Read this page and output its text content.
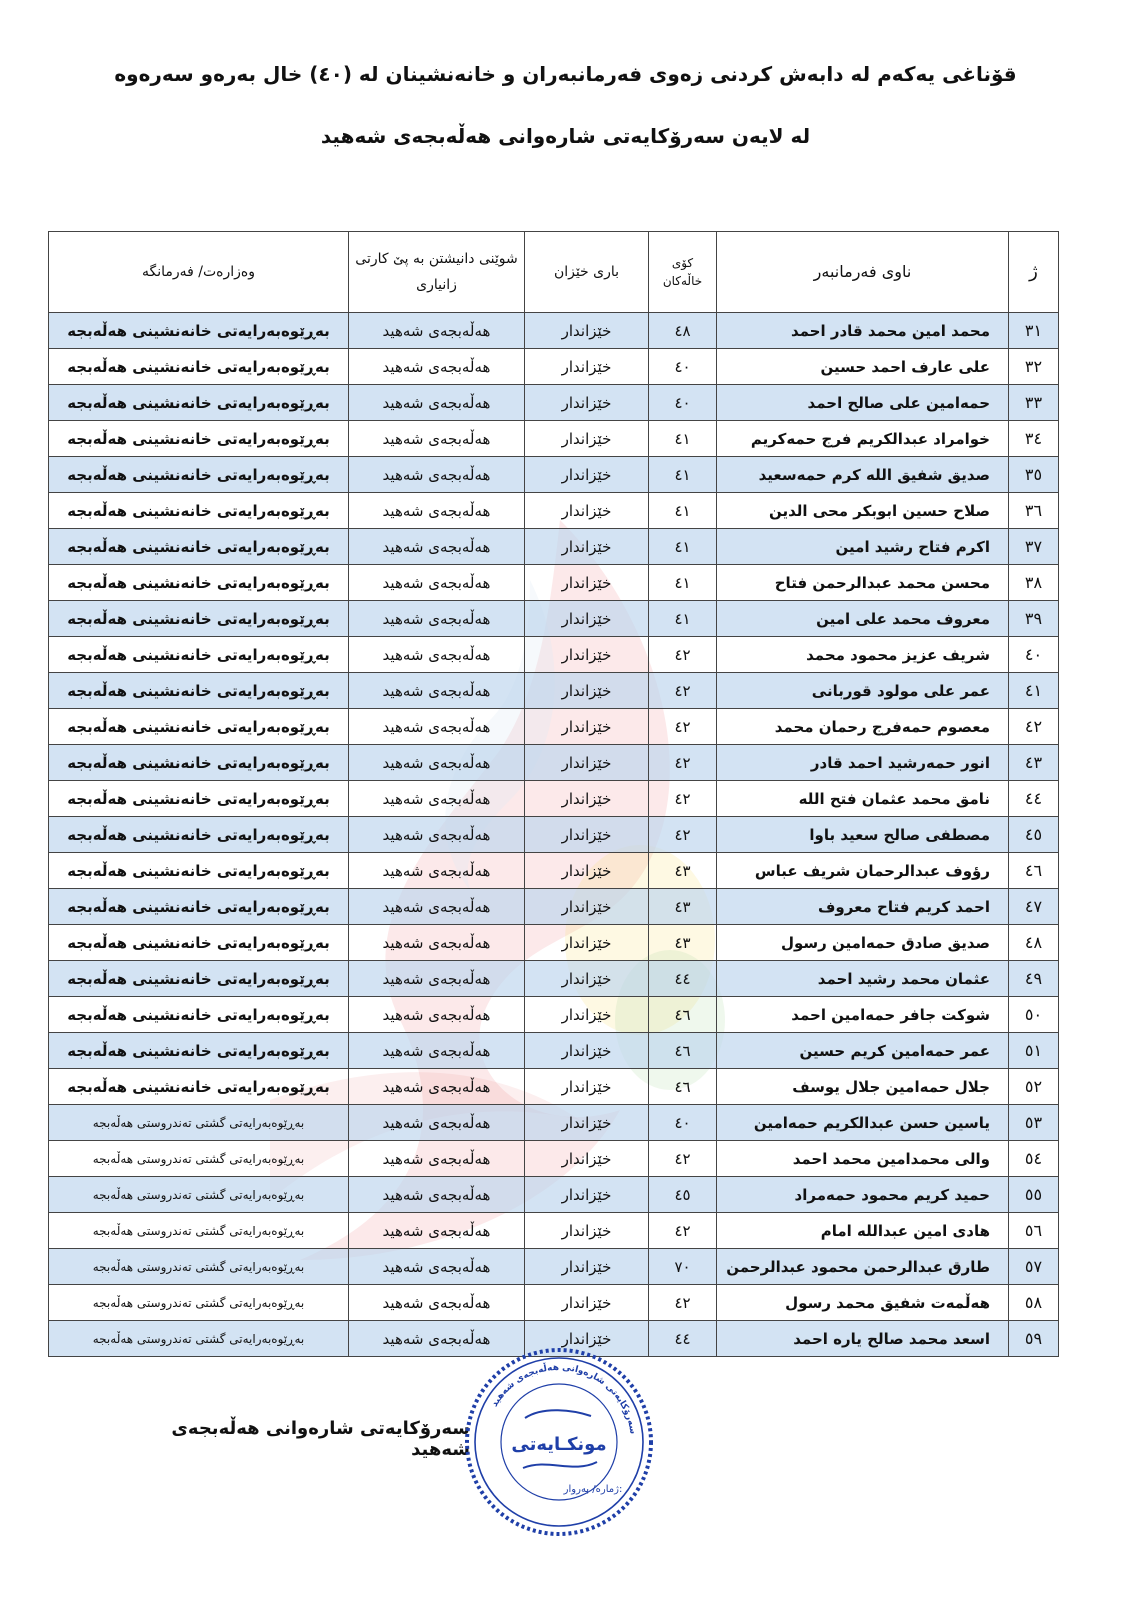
قۆناغی یەکەم لە دابەش کردنی زەوی فەرمانبەران و خانەنشینان لە (٤٠) خال بەرەو سەرەوە

لە لایەن سەرۆکایەتی شارەوانی هەڵەبجەی شەهید

ژ	ناوی فەرمانبەر	کۆی خاڵەکان	باری خێزان	شوێنی دانیشتن بە پێ کارتی زانیاری	وەزارەت/ فەرمانگە
٣١	محمد امین محمد قادر احمد	٤٨	خێزاندار	هەڵەبجەی شەهید	بەڕێوەبەرایەتی خانەنشینی هەڵەبجە
٣٢	علی عارف احمد حسین	٤٠	خێزاندار	هەڵەبجەی شەهید	بەڕێوەبەرایەتی خانەنشینی هەڵەبجە
٣٣	حمەامین علی صالح احمد	٤٠	خێزاندار	هەڵەبجەی شەهید	بەڕێوەبەرایەتی خانەنشینی هەڵەبجە
٣٤	خوامراد عبدالکریم فرج حمەکریم	٤١	خێزاندار	هەڵەبجەی شەهید	بەڕێوەبەرایەتی خانەنشینی هەڵەبجە
٣٥	صدیق شفیق الله کرم حمەسعید	٤١	خێزاندار	هەڵەبجەی شەهید	بەڕێوەبەرایەتی خانەنشینی هەڵەبجە
٣٦	صلاح حسین ابوبکر محی الدین	٤١	خێزاندار	هەڵەبجەی شەهید	بەڕێوەبەرایەتی خانەنشینی هەڵەبجە
٣٧	اکرم فتاح رشید امین	٤١	خێزاندار	هەڵەبجەی شەهید	بەڕێوەبەرایەتی خانەنشینی هەڵەبجە
٣٨	محسن محمد عبدالرحمن فتاح	٤١	خێزاندار	هەڵەبجەی شەهید	بەڕێوەبەرایەتی خانەنشینی هەڵەبجە
٣٩	معروف محمد علی امین	٤١	خێزاندار	هەڵەبجەی شەهید	بەڕێوەبەرایەتی خانەنشینی هەڵەبجە
٤٠	شریف عزیز محمود محمد	٤٢	خێزاندار	هەڵەبجەی شەهید	بەڕێوەبەرایەتی خانەنشینی هەڵەبجە
٤١	عمر علی مولود قوربانی	٤٢	خێزاندار	هەڵەبجەی شەهید	بەڕێوەبەرایەتی خانەنشینی هەڵەبجە
٤٢	معصوم حمەفرج رحمان محمد	٤٢	خێزاندار	هەڵەبجەی شەهید	بەڕێوەبەرایەتی خانەنشینی هەڵەبجە
٤٣	انور حمەرشید احمد قادر	٤٢	خێزاندار	هەڵەبجەی شەهید	بەڕێوەبەرایەتی خانەنشینی هەڵەبجە
٤٤	نامق محمد عثمان فتح الله	٤٢	خێزاندار	هەڵەبجەی شەهید	بەڕێوەبەرایەتی خانەنشینی هەڵەبجە
٤٥	مصطفی صالح سعید باوا	٤٢	خێزاندار	هەڵەبجەی شەهید	بەڕێوەبەرایەتی خانەنشینی هەڵەبجە
٤٦	رؤوف عبدالرحمان شریف عباس	٤٣	خێزاندار	هەڵەبجەی شەهید	بەڕێوەبەرایەتی خانەنشینی هەڵەبجە
٤٧	احمد کریم فتاح معروف	٤٣	خێزاندار	هەڵەبجەی شەهید	بەڕێوەبەرایەتی خانەنشینی هەڵەبجە
٤٨	صدیق صادق حمەامین رسول	٤٣	خێزاندار	هەڵەبجەی شەهید	بەڕێوەبەرایەتی خانەنشینی هەڵەبجە
٤٩	عثمان محمد رشید احمد	٤٤	خێزاندار	هەڵەبجەی شەهید	بەڕێوەبەرایەتی خانەنشینی هەڵەبجە
٥٠	شوکت جافر حمەامین احمد	٤٦	خێزاندار	هەڵەبجەی شەهید	بەڕێوەبەرایەتی خانەنشینی هەڵەبجە
٥١	عمر حمەامین کریم حسین	٤٦	خێزاندار	هەڵەبجەی شەهید	بەڕێوەبەرایەتی خانەنشینی هەڵەبجە
٥٢	جلال حمەامین جلال یوسف	٤٦	خێزاندار	هەڵەبجەی شەهید	بەڕێوەبەرایەتی خانەنشینی هەڵەبجە
٥٣	یاسین حسن عبدالکریم حمەامین	٤٠	خێزاندار	هەڵەبجەی شەهید	بەڕێوەبەرایەتی گشتی تەندروستی هەڵەبجە
٥٤	والی محمدامین محمد احمد	٤٢	خێزاندار	هەڵەبجەی شەهید	بەڕێوەبەرایەتی گشتی تەندروستی هەڵەبجە
٥٥	حمید کریم محمود حمەمراد	٤٥	خێزاندار	هەڵەبجەی شەهید	بەڕێوەبەرایەتی گشتی تەندروستی هەڵەبجە
٥٦	هادی امین عبداللە امام	٤٢	خێزاندار	هەڵەبجەی شەهید	بەڕێوەبەرایەتی گشتی تەندروستی هەڵەبجە
٥٧	طارق عبدالرحمن محمود عبدالرحمن	٧٠	خێزاندار	هەڵەبجەی شەهید	بەڕێوەبەرایەتی گشتی تەندروستی هەڵەبجە
٥٨	هەڵمەت شفیق محمد رسول	٤٢	خێزاندار	هەڵەبجەی شەهید	بەڕێوەبەرایەتی گشتی تەندروستی هەڵەبجە
٥٩	اسعد محمد صالح یارە احمد	٤٤	خێزاندار	هەڵەبجەی شەهید	بەڕێوەبەرایەتی گشتی تەندروستی هەڵەبجە
سەرۆکایەتی شارەوانی هەڵەبجەی شەهید
سەرۆکایەتی شارەوانی هەڵەبجەی شەهید
مونکـایەتی
ژمارە/ بەروار:
